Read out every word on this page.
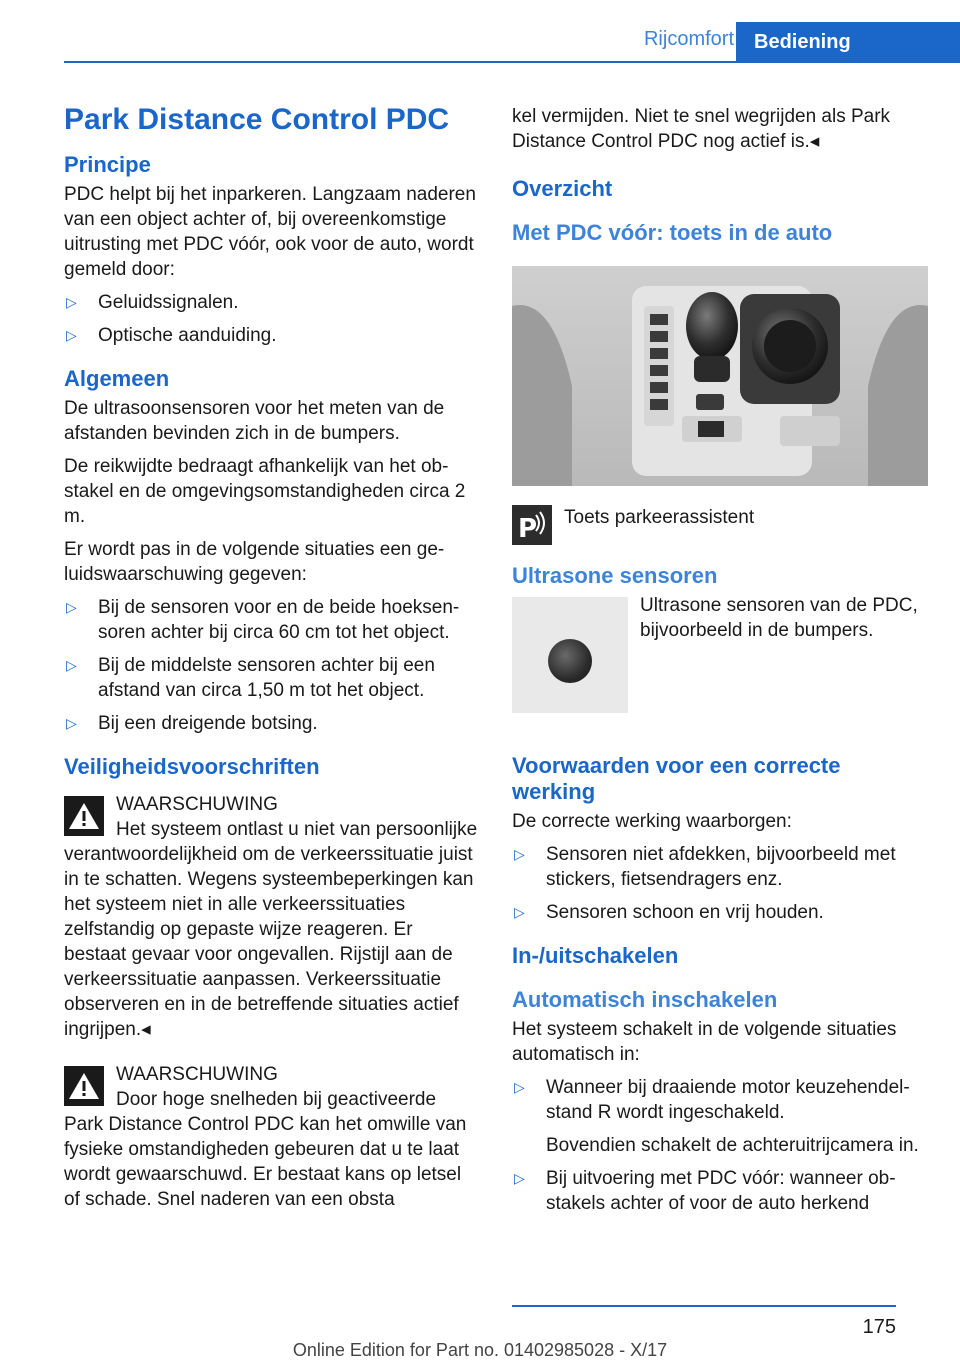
Rijcomfort	Bediening
Park Distance Control PDC
Principe

PDC helpt bij het inparkeren. Langzaam naderen van een object achter of, bij overeenkomstige uitrusting met PDC vóór, ook voor de auto, wordt gemeld door:

▷ Geluidssignalen.
▷ Optische aanduiding.
Algemeen

De ultrasoonsensoren voor het meten van de afstanden bevinden zich in de bumpers.

De reikwijdte bedraagt afhankelijk van het obstakel en de omgevingsomstandigheden circa 2 m.

Er wordt pas in de volgende situaties een geluidswaarschuwing gegeven:

▷ Bij de sensoren voor en de beide hoeksensoren achter bij circa 60 cm tot het object.
▷ Bij de middelste sensoren achter bij een afstand van circa 1,50 m tot het object.
▷ Bij een dreigende botsing.
Veiligheidsvoorschriften
WAARSCHUWING
Het systeem ontlast u niet van persoonlijke verantwoordelijkheid om de verkeerssituatie juist in te schatten. Wegens systeembeperkingen kan het systeem niet in alle verkeerssituaties zelfstandig op gepaste wijze reageren. Er bestaat gevaar voor ongevallen. Rijstijl aan de verkeerssituatie aanpassen. Verkeerssituatie observeren en in de betreffende situaties actief ingrijpen.◂
WAARSCHUWING
Door hoge snelheden bij geactiveerde Park Distance Control PDC kan het omwille van fysieke omstandigheden gebeuren dat u te laat wordt gewaarschuwd. Er bestaat kans op letsel of schade. Snel naderen van een obsta

kel vermijden. Niet te snel wegrijden als Park Distance Control PDC nog actief is.◂

Overzicht
Met PDC vóór: toets in de auto
P Toets parkeerassistent
Ultrasone sensoren
Ultrasone sensoren van de PDC, bijvoorbeeld in de bumpers.
Voorwaarden voor een correcte werking

De correcte werking waarborgen:

▷ Sensoren niet afdekken, bijvoorbeeld met stickers, fietsendragers enz.
▷ Sensoren schoon en vrij houden.
In-/uitschakelen
Automatisch inschakelen

Het systeem schakelt in de volgende situaties automatisch in:

▷ Wanneer bij draaiende motor keuzehendelstand R wordt ingeschakeld.
Bovendien schakelt de achteruitrijcamera in.
▷ Bij uitvoering met PDC vóór: wanneer obstakels achter of voor de auto herkend
175
Online Edition for Part no. 01402985028 - X/17
